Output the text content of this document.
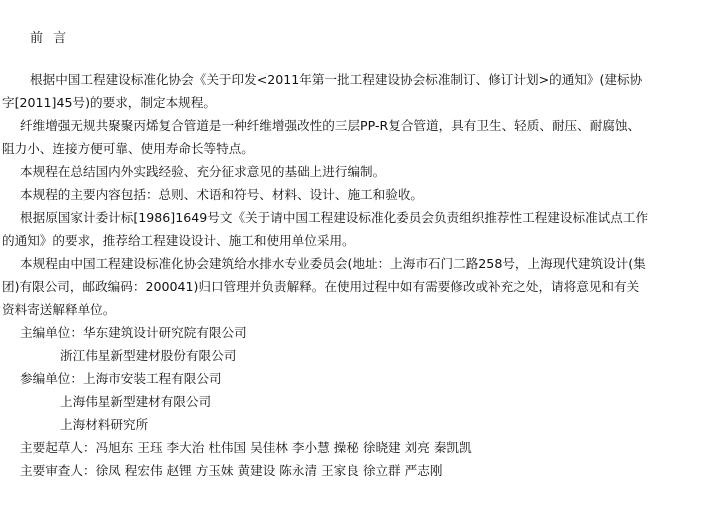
前 言
根据中国工程建设标准化协会《关于印发<2011年第一批工程建设协会标准制订、修订计划>的通知》(建标协
字[2011]45号)的要求，制定本规程。
纤维增强无规共聚聚丙烯复合管道是一种纤维增强改性的三层PP-R复合管道，具有卫生、轻质、耐压、耐腐蚀、
阻力小、连接方便可靠、使用寿命长等特点。
本规程在总结国内外实践经验、充分征求意见的基础上进行编制。
本规程的主要内容包括：总则、术语和符号、材料、设计、施工和验收。
根据原国家计委计标[1986]1649号文《关于请中国工程建设标准化委员会负责组织推荐性工程建设标准试点工作
的通知》的要求，推荐给工程建设设计、施工和使用单位采用。
本规程由中国工程建设标准化协会建筑给水排水专业委员会(地址：上海市石门二路258号，上海现代建筑设计(集
团)有限公司，邮政编码：200041)归口管理并负责解释。在使用过程中如有需要修改或补充之处，请将意见和有关
资料寄送解释单位。
主编单位：华东建筑设计研究院有限公司
浙江伟星新型建材股份有限公司
参编单位：上海市安装工程有限公司
上海伟星新型建材有限公司
上海材料研究所
主要起草人：冯旭东 王珏 李大治 杜伟国 吴佳林 李小慧 操秘 徐晓建 刘亮 秦凯凯
主要审查人：徐凤 程宏伟 赵锂 方玉妹 黄建设 陈永清 王家良 徐立群 严志刚
